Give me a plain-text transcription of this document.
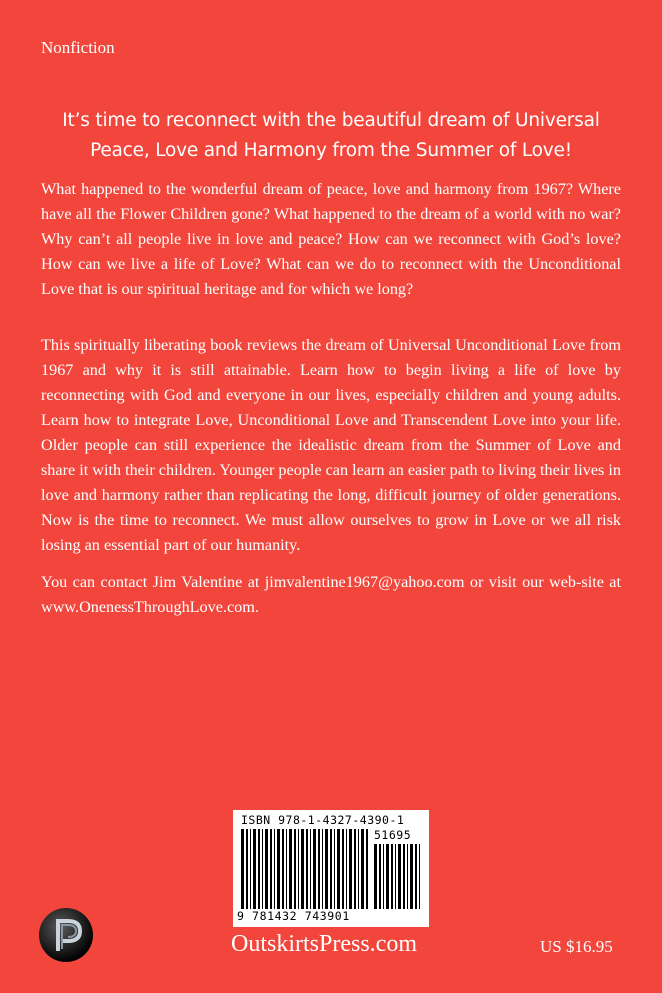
Nonfiction
It’s time to reconnect with the beautiful dream of Universal
Peace, Love and Harmony from the Summer of Love!
What happened to the wonderful dream of peace, love and harmony from 1967? Where have all the Flower Children gone? What happened to the dream of a world with no war? Why can’t all people live in love and peace? How can we reconnect with God’s love? How can we live a life of Love? What can we do to reconnect with the Unconditional Love that is our spiritual heritage and for which we long?
This spiritually liberating book reviews the dream of Universal Unconditional Love from 1967 and why it is still attainable. Learn how to begin living a life of love by reconnecting with God and everyone in our lives, especially children and young adults. Learn how to integrate Love, Unconditional Love and Transcendent Love into your life. Older people can still experience the idealistic dream from the Summer of Love and share it with their children. Younger people can learn an easier path to living their lives in love and harmony rather than replicating the long, difficult journey of older generations. Now is the time to reconnect. We must allow ourselves to grow in Love or we all risk losing an essential part of our humanity.
You can contact Jim Valentine at jimvalentine1967@yahoo.com or visit our web-site at www.OnenessThroughLove.com.
ISBN 978-1-4327-4390-1
51695
9 781432 743901
OutskirtsPress.com	US $16.95
